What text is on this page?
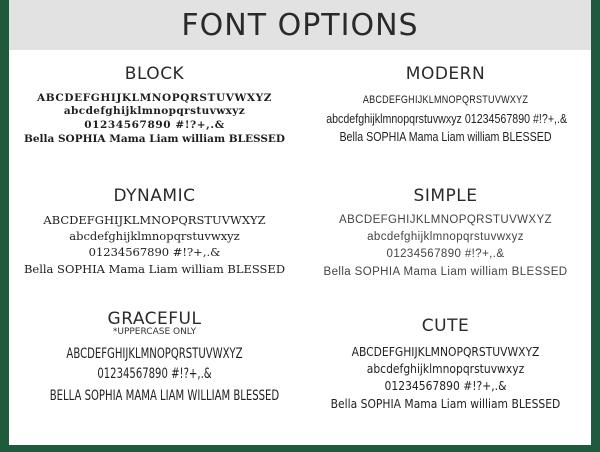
FONT OPTIONS
BLOCK
ABCDEFGHIJKLMNOPQRSTUVWXYZ
abcdefghijklmnopqrstuvwxyz
01234567890 #!?+,.&
Bella SOPHIA Mama Liam william BLESSED
MODERN
ABCDEFGHIJKLMNOPQRSTUVWXYZ
abcdefghijklmnopqrstuvwxyz 01234567890 #!?+,.&
Bella SOPHIA Mama Liam william BLESSED
DYNAMIC
ABCDEFGHIJKLMNOPQRSTUVWXYZ
abcdefghijklmnopqrstuvwxyz
01234567890 #!?+,.&
Bella SOPHIA Mama Liam william BLESSED
SIMPLE
ABCDEFGHIJKLMNOPQRSTUVWXYZ
abcdefghijklmnopqrstuvwxyz
01234567890 #!?+,.&
Bella SOPHIA Mama Liam william BLESSED
GRACEFUL
*UPPERCASE ONLY
ABCDEFGHIJKLMNOPQRSTUVWXYZ
01234567890 #!?+,.&
BELLA SOPHIA MAMA LIAM WILLIAM BLESSED
CUTE
ABCDEFGHIJKLMNOPQRSTUVWXYZ
abcdefghijklmnopqrstuvwxyz
01234567890 #!?+,.&
Bella SOPHIA Mama Liam william BLESSED
